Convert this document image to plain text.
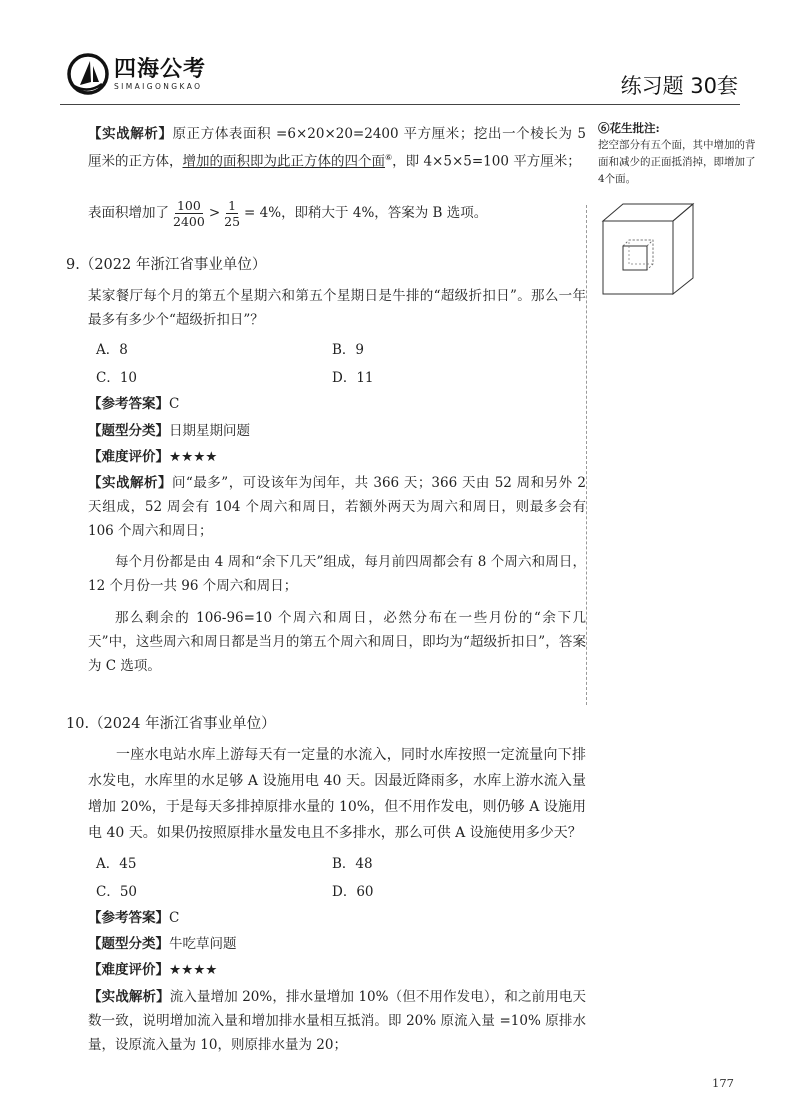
四海公考
SIMAIGONGKAO	练习题 30套
⑥花生批注:
挖空部分有五个面，其中增加的背面和减少的正面抵消掉，即增加了4个面。
【实战解析】原正方体表面积 =6×20×20=2400 平方厘米；挖出一个棱长为 5 厘米的正方体，增加的面积即为此正方体的四个面⑥，即 4×5×5=100 平方厘米；
表面积增加了 $\frac{100}{2400} > \frac{1}{25} = 4\%$，即稍大于 4%，答案为 B 选项。
9.（2022 年浙江省事业单位）
某家餐厅每个月的第五个星期六和第五个星期日是牛排的“超级折扣日”。那么一年最多有多少个“超级折扣日”？
A．8	B．9
C．10	D．11
【参考答案】C
【题型分类】日期星期问题
【难度评价】★★★★
【实战解析】问“最多”，可设该年为闰年，共 366 天；366 天由 52 周和另外 2 天组成，52 周会有 104 个周六和周日，若额外两天为周六和周日，则最多会有 106 个周六和周日；
每个月份都是由 4 周和“余下几天”组成，每月前四周都会有 8 个周六和周日，12 个月份一共 96 个周六和周日；
那么剩余的 106-96=10 个周六和周日，必然分布在一些月份的“余下几天”中，这些周六和周日都是当月的第五个周六和周日，即均为“超级折扣日”，答案为 C 选项。
10.（2024 年浙江省事业单位）
一座水电站水库上游每天有一定量的水流入，同时水库按照一定流量向下排水发电，水库里的水足够 A 设施用电 40 天。因最近降雨多，水库上游水流入量增加 20%，于是每天多排掉原排水量的 10%，但不用作发电，则仍够 A 设施用电 40 天。如果仍按照原排水量发电且不多排水，那么可供 A 设施使用多少天？
A．45	B．48
C．50	D．60
【参考答案】C
【题型分类】牛吃草问题
【难度评价】★★★★
【实战解析】流入量增加 20%，排水量增加 10%（但不用作发电），和之前用电天数一致，说明增加流入量和增加排水量相互抵消。即 20% 原流入量 =10% 原排水量，设原流入量为 10，则原排水量为 20；
177
